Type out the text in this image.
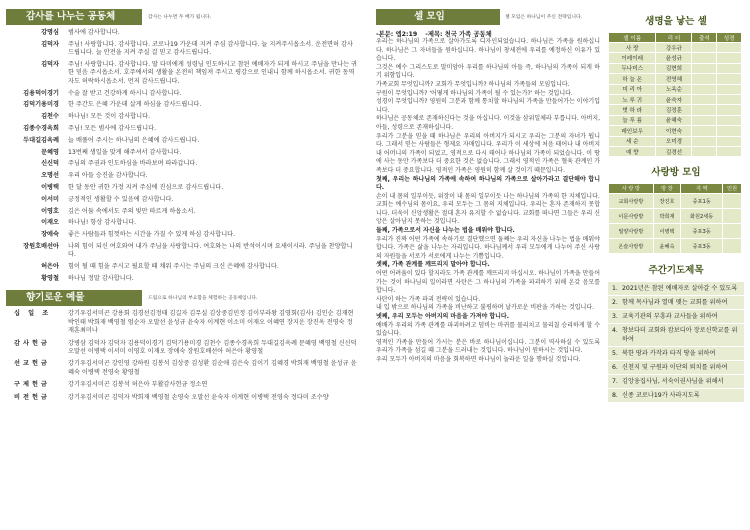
감사를 나누는 공동체	감사는 나누면 두 배가 됩니다.
강명심	범사에 감사합니다.
김덕자	주님! 사랑합니다. 감사합니다. 코로나19 가운데 지켜 주심 감사합니다. 늘 지켜주시옵소서. 운전면허 감사드립니다. 늘 안전을 지켜 주실 걸 믿고 감사드립니다.
김덕자	주님! 사랑합니다. 감사합니다. 딸 다미에게 성령님 인도하시고 참된 예배자가 되게 하시고 주님을 만나는 귀한 믿음 주시옵소서. 호주에서의 생활을 온전히 책임져 주시고 평강으로 인내니 함께 하시옵소서. 귀한 동역자도 허락하시옵소서. 먼저 감사드립니다.
김용덕이경기	수술 잘 받고 건강하게 하시니 감사합니다.
김덕기용미경	한 주간도 은혜 가운데 살게 하심을 감사드립니다.
김천수	하나님! 모든 것이 감사합니다.
김종수경옥희	주님! 모든 범사에 감사드립니다.
두대길김옥례	늘 배풀어 주시는 하나님의 은혜에 감사드립니다.
문혜영	13번째 생일을 맞게 해주셔서 감사합니다.
신신덕	주님의 주권과 인도하심을 바라보며 따라갑니다.
오명선	우리 아들 승진을 감사합니다.
이병택	한 달 동안 귀한 가정 지켜 주심에 진심으로 감사드립니다.
이서미	긍정적인 생활할 수 있음에 감사합니다.
이영호	깊은 어둠 속에서도 주의 빛만 따르게 하옵소서.
이재오	하나님! 항상 감사합니다.
장애숙	좋은 사람들과 힘껏하는 시간을 가질 수 있게 하심 감사합니다.
장원호배선아	나의 힘이 되신 여호와여 내가 주님을 사랑합니다. 여호와는 나의 반석이시며 요새이시라. 주님을 찬양합니다.
허은아	힘이 될 때 힘을 주시고 필요할 때 채워 주시는 주님의 크신 은혜에 감사합니다.
황영철	하나님 정말 감사합니다.
향기로운 예물	드림으로 하나님의 부요함을 체험하는 공동체입니다.
십 일 조	강기우김서미곤 강용회 김경선김정태 김길자 김무실 김상중김민정 김이부라왕 김영회(김사) 김인순 김재현 박인태 박희재 백영철 엄순자 오말선 윤성규 윤숙자 이계현 이소미 이재오 이혜연 장지운 장진옥 전영숙 정재훈최미나
감사헌금	강병삼 김덕자 김덕자 김용덕이경기 김덕기용미경 김천수 김종수경옥희 두대길김옥례 문혜영 백영철 신신덕 오말선 이병택 이서미 이영호 이재오 장애숙 장원호배선아 허은아 황영철
선교헌금	강기우김서미곤 강인영 강하원 김봉석 김상중 김성환 김순애 김은숙 김이기 김혜경 박희재 백영철 윤성규 윤혜숙 이병택 전영숙 황영철
구제헌금	강기우김서미곤 김봉석 허은아 부활감사헌금 정소연
비전헌금	강기우김서미곤 김덕자 박희재 백영철 손영숙 오말선 윤숙자 이계현 이병택 전영숙 정다미 조수양
셀 모임	셀 모임은 하나님이 주신 전략입니다.
-본문: 엡2:19 -제목: 천국 가족 공동체

우리는 하나님의 가족으로 살아가도록 디자인되었습니다. 하나님은 가족을 원하십니다. 하나님은 그 자녀들을 원하십니다. 하나님이 창세전에 우리를 예정하신 이유가 있습니다.

그것은 예수 그리스도로 말미암아 우리를 하나님의 아들 즉, 하나님의 가족이 되게 하기 위함입니다.

가족교회 무엇입니까? 교회가 무엇입니까? 하나님의 가족들의 모임입니다.

구원이 무엇입니까? '어떻게 하나님의 가족이 될 수 있는가?' 하는 것입니다.

성경이 무엇입니까? 영원히 그분과 함께 통치할 하나님의 가족을 만들어가는 이야기입니다.

하나님은 공동체로 존재하신다는 것을 아십니다. 이것을 삼위일체라 부릅니다. 아버지, 아들, 성령으로 존재하십니다.

우리가 그분을 믿을 때 하나님은 우리의 아버지가 되시고 우리는 그분의 자녀가 됩니다. 그래서 믿는 사람들은 형제요 자매입니다. 우리가 이 세상에 처음 태어나 내 아버지 내 어머니의 가족이 되었고, 영적으로 다시 태어나 하나님의 가족이 되었습니다. 이 땅에 사는 동안 가족보다 더 중요한 것은 없습니다. 그래서 영적인 가족은 혈육 관계인 가족보다 더 중요합니다. 영적인 가족은 영원히 함께 살 것이기 때문입니다.

첫째, 우리는 하나님의 가족에 속하여 하나님의 가족으로 살아가라고 결단해야 합니다.

손이 내 몸의 일부이듯, 위장이 내 몸의 일부이듯 나는 하나님의 가족의 한 지체입니다.

교회는 예수님의 몸이요, 우리 모두는 그 몸의 지체입니다. 우리는 혼자 존재하지 못합니다. 더욱이 신앙생활은 절대 혼자 유지할 수 없습니다. 교회를 떠나면 그들은 우리 신앙은 살아남지 못하는 것입니다.

둘째, 가족으로서 자신을 나누는 법을 배워야 합니다.

우리가 진짜 어떤 가족에 속하기로 결단했으면 둘째는 우리 자신을 나누는 법을 배워야 합니다. 가족은 삶을 나누는 자리입니다. 하나님께서 우리 모두에게 나누어 주신 사랑의 자원들을 서로가 서로에게 나누는 기쁨입니다.

셋째, 가족 관계를 깨뜨리지 말아야 합니다.

어떤 어려움이 있다 할지라도 가족 관계를 깨뜨리지 마십시오. 하나님이 가족을 만들어 가는 것이 하나님의 일이라면 사탄은 그 하나님의 가족을 파괴하기 위해 온갖 음모를 합니다.

사탄이 하는 가족 파괴 전략이 있습니다.

내 입 밖으로 하나님의 가족을 비난하고 불평하며 날카로운 비판을 가하는 것입니다.

넷째, 우리 모두는 아버지의 마음을 가져야 합니다.

예배가 우리의 가족 관계를 파괴하려고 덤비는 마귀를 물리치고 물리칠 승리하게 할 수 있습니다.

영적인 가족을 만들어 가시는 분은 바로 하나님이십니다. 그분이 역사하실 수 있도록 우리가 가족을 섬길 때 그분을 드러내는 것입니다. 하나님이 원하시는 것입니다.

우리 모두가 아버지의 마음을 회복하면 하나님이 놀라운 일을 행하실 것입니다.

생명을 낳는 셀
셀 이름	리 더	출석	성경
사 랑	강우규		
이레이래	윤성규		
두나미스	김현희		
하 늘 온	전영혜		
미 리 아	노옥순		
노 루 귀	윤숙자		
벗 하 라	김정훈		
늘 푸 름	윤혜숙		
레인보우	이현숙		
세 순	오미경		
예 향	김경선		
사랑방 모임
사 랑 방	방 장	지 역	인원
교회사랑방	장진호	중포1동	
이문사랑방	박희재	화원2세동	
밀양사랑방	이병택	중포3동	
온슬사랑방	윤혜숙	중포3동	
주간기도제목
1. 2021년은 참된 예배자로 살아갈 수 있도록
2. 함께 목사님과 열매 맺는 교회를 위하여
3. 교육기관의 부흥과 교사들을 위하여
4. 창보다더 교회와 캄보디아 장로신학교를 위하여
5. 북한 땅과 카작과 타직 땅을 위하여
6. 신천지 및 구원파 이단의 퇴치를 위하여
7. 김앙웅집사님, 서숙이권사님을 위해서
8. 신종 코로나19가 사라지도록
